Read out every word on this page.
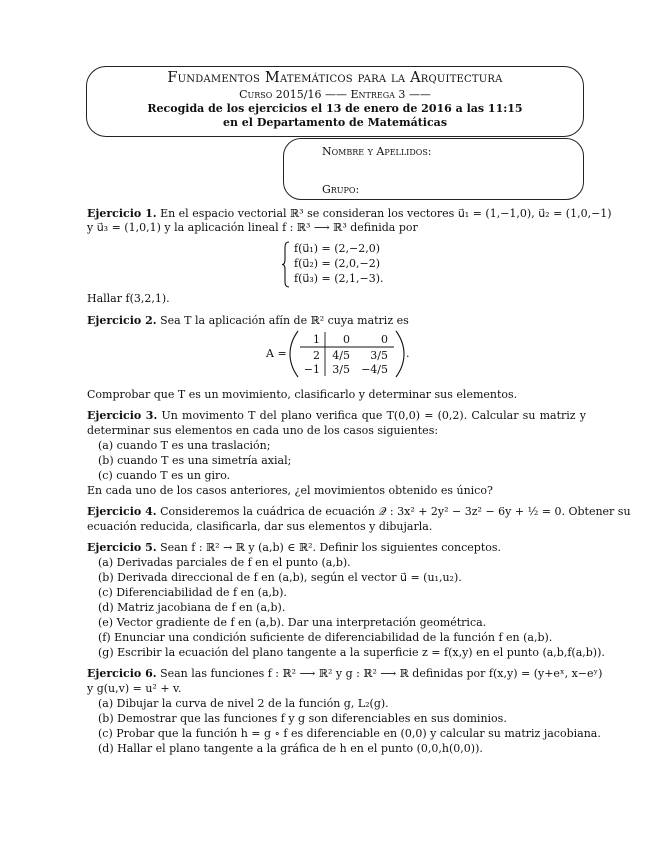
Fundamentos Matemáticos para la Arquitectura
Curso 2015/16 —— Entrega 3 ——
Recogida de los ejercicios el 13 de enero de 2016 a las 11:15
en el Departamento de Matemáticas
Nombre y Apellidos:
Grupo:
Ejercicio 1. En el espacio vectorial ℝ³ se consideran los vectores u⃗₁ = (1,−1,0), u⃗₂ = (1,0,−1)
y u⃗₃ = (1,0,1) y la aplicación lineal f : ℝ³ ⟶ ℝ³ definida por
f(u⃗₁) = (2,−2,0)
f(u⃗₂) = (2,0,−2)
f(u⃗₃) = (2,1,−3).
Hallar f(3,2,1).
Ejercicio 2. Sea T la aplicación afín de ℝ² cuya matriz es
A =
1	0	0
2	4/5	3/5
−1	3/5 −4/5
.
Comprobar que T es un movimiento, clasificarlo y determinar sus elementos.
Ejercicio 3. Un movimento T del plano verifica que T(0,0) = (0,2). Calcular su matriz y
determinar sus elementos en cada uno de los casos siguientes:
(a) cuando T es una traslación;
(b) cuando T es una simetría axial;
(c) cuando T es un giro.
En cada uno de los casos anteriores, ¿el movimientos obtenido es único?
Ejercicio 4. Consideremos la cuádrica de ecuación 𝒬 : 3x² + 2y² − 3z² − 6y + ½ = 0. Obtener su
ecuación reducida, clasificarla, dar sus elementos y dibujarla.
Ejercicio 5. Sean f : ℝ² → ℝ y (a,b) ∈ ℝ². Definir los siguientes conceptos.
(a) Derivadas parciales de f en el punto (a,b).
(b) Derivada direccional de f en (a,b), según el vector u⃗ = (u₁,u₂).
(c) Diferenciabilidad de f en (a,b).
(d) Matriz jacobiana de f en (a,b).
(e) Vector gradiente de f en (a,b). Dar una interpretación geométrica.
(f) Enunciar una condición suficiente de diferenciabilidad de la función f en (a,b).
(g) Escribir la ecuación del plano tangente a la superficie z = f(x,y) en el punto (a,b,f(a,b)).
Ejercicio 6. Sean las funciones f : ℝ² ⟶ ℝ² y g : ℝ² ⟶ ℝ definidas por f(x,y) = (y+eˣ, x−eʸ)
y g(u,v) = u² + v.
(a) Dibujar la curva de nivel 2 de la función g, L₂(g).
(b) Demostrar que las funciones f y g son diferenciables en sus dominios.
(c) Probar que la función h = g ∘ f es diferenciable en (0,0) y calcular su matriz jacobiana.
(d) Hallar el plano tangente a la gráfica de h en el punto (0,0,h(0,0)).
